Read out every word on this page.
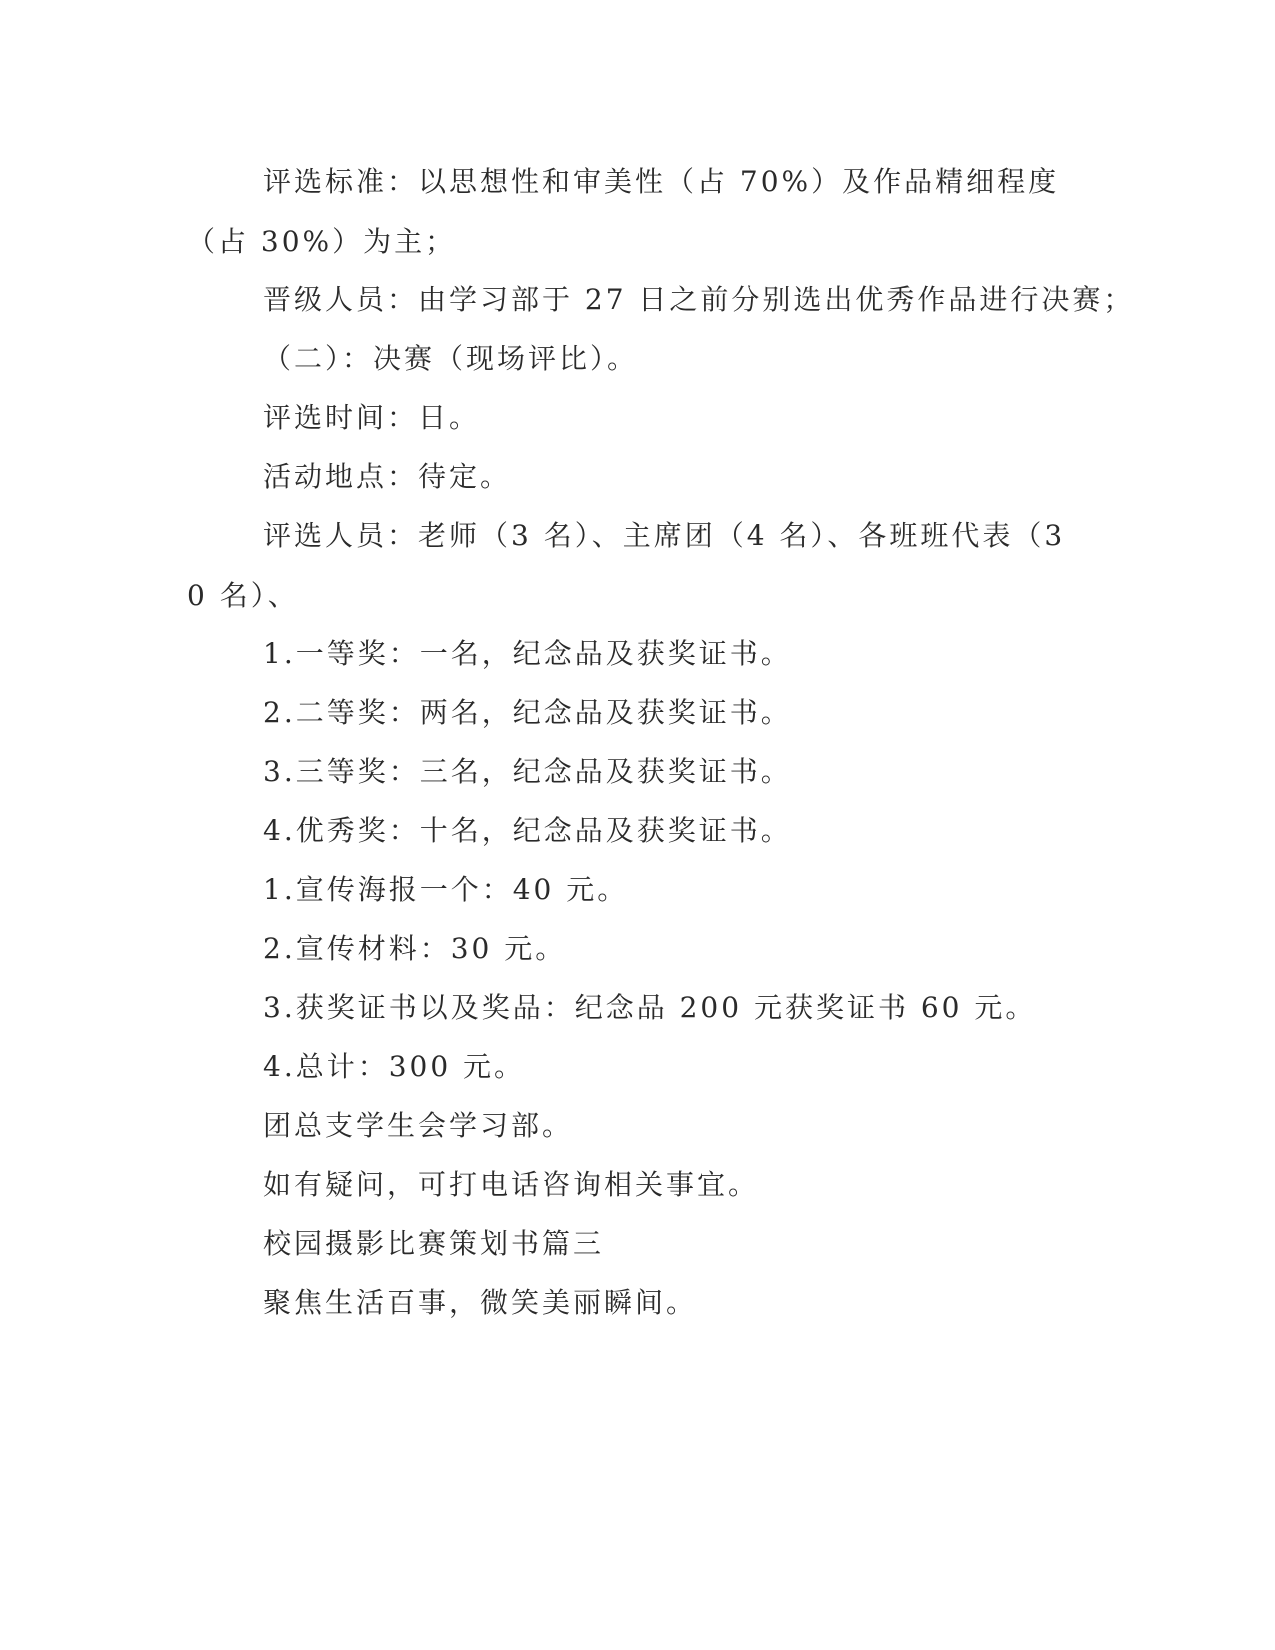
评选标准：以思想性和审美性（占 70%）及作品精细程度（占 30%）为主；
晋级人员：由学习部于 27 日之前分别选出优秀作品进行决赛；
（二）：决赛（现场评比）。
评选时间：日。
活动地点：待定。
评选人员：老师（3 名）、主席团（4 名）、各班班代表（30 名）、
1.一等奖：一名，纪念品及获奖证书。
2.二等奖：两名，纪念品及获奖证书。
3.三等奖：三名，纪念品及获奖证书。
4.优秀奖：十名，纪念品及获奖证书。
1.宣传海报一个：40 元。
2.宣传材料：30 元。
3.获奖证书以及奖品：纪念品 200 元获奖证书 60 元。
4.总计：300 元。
团总支学生会学习部。
如有疑问，可打电话咨询相关事宜。
校园摄影比赛策划书篇三
聚焦生活百事，微笑美丽瞬间。
